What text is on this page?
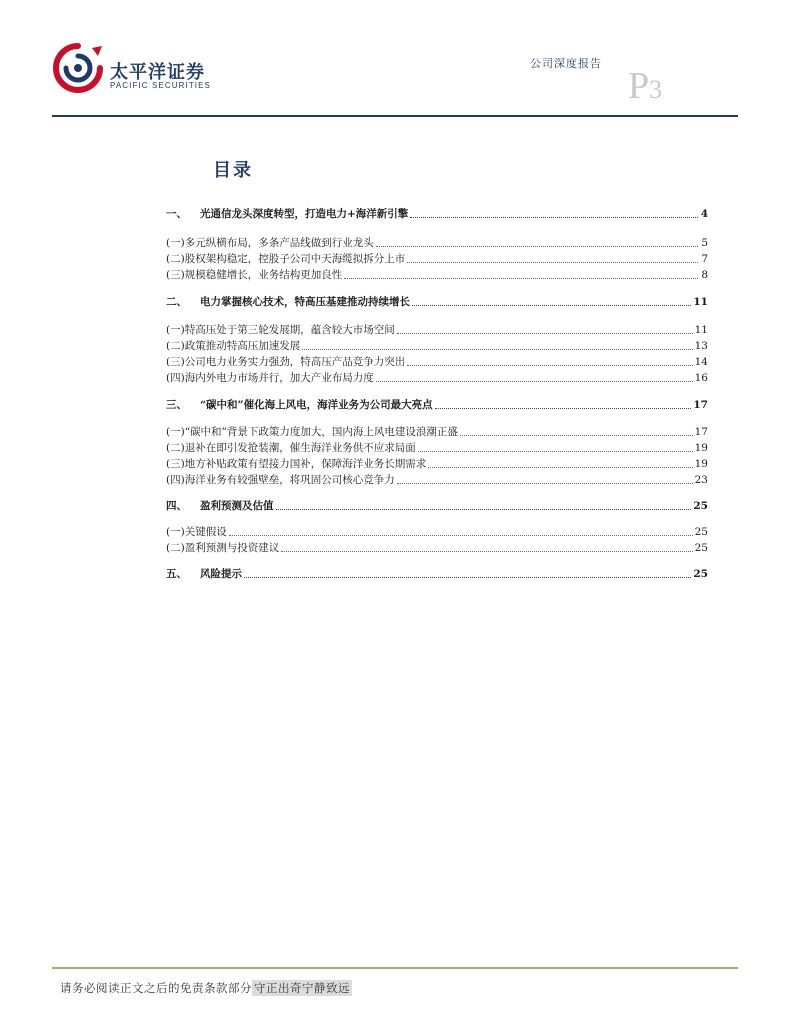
太平洋证券
PACIFIC SECURITIES
公司深度报告
P3
目录
一、	光通信龙头深度转型，打造电力+海洋新引擎	4
(一)多元纵横布局，多条产品线做到行业龙头	5
(二)股权架构稳定，控股子公司中天海缆拟拆分上市	7
(三)规模稳健增长，业务结构更加良性	8
二、	电力掌握核心技术，特高压基建推动持续增长	11
(一)特高压处于第三轮发展期，蕴含较大市场空间	11
(二)政策推动特高压加速发展	13
(三)公司电力业务实力强劲，特高压产品竞争力突出	14
(四)海内外电力市场并行，加大产业布局力度	16
三、	“碳中和”催化海上风电，海洋业务为公司最大亮点	17
(一)“碳中和”背景下政策力度加大，国内海上风电建设浪潮正盛	17
(二)退补在即引发抢装潮，催生海洋业务供不应求局面	19
(三)地方补贴政策有望接力国补，保障海洋业务长期需求	19
(四)海洋业务有较强壁垒，将巩固公司核心竞争力	23
四、	盈利预测及估值	25
(一)关键假设	25
(二)盈利预测与投资建议	25
五、	风险提示	25
请务必阅读正文之后的免责条款部分 守正出奇宁静致远
